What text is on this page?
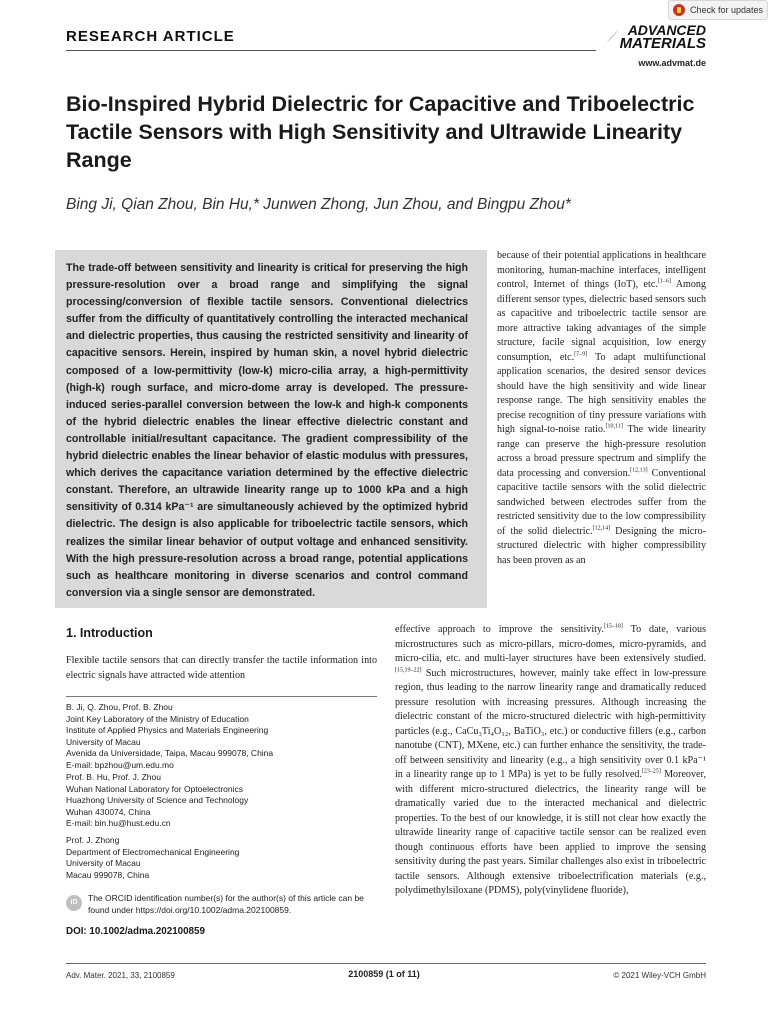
Check for updates
RESEARCH ARTICLE	ADVANCED
MATERIALS
www.advmat.de
Bio-Inspired Hybrid Dielectric for Capacitive and Triboelectric Tactile Sensors with High Sensitivity and Ultrawide Linearity Range
Bing Ji, Qian Zhou, Bin Hu,* Junwen Zhong, Jun Zhou, and Bingpu Zhou*
The trade-off between sensitivity and linearity is critical for preserving the high pressure-resolution over a broad range and simplifying the signal processing/conversion of flexible tactile sensors. Conventional dielectrics suffer from the difficulty of quantitatively controlling the interacted mechanical and dielectric properties, thus causing the restricted sensitivity and linearity of capacitive sensors. Herein, inspired by human skin, a novel hybrid dielectric composed of a low-permittivity (low-k) micro-cilia array, a high-permittivity (high-k) rough surface, and micro-dome array is developed. The pressure-induced series-parallel conversion between the low-k and high-k components of the hybrid dielectric enables the linear effective dielectric constant and controllable initial/resultant capacitance. The gradient compressibility of the hybrid dielectric enables the linear behavior of elastic modulus with pressures, which derives the capacitance variation determined by the effective dielectric constant. Therefore, an ultrawide linearity range up to 1000 kPa and a high sensitivity of 0.314 kPa⁻¹ are simultaneously achieved by the optimized hybrid dielectric. The design is also applicable for triboelectric tactile sensors, which realizes the similar linear behavior of output voltage and enhanced sensitivity. With the high pressure-resolution across a broad range, potential applications such as healthcare monitoring in diverse scenarios and control command conversion via a single sensor are demonstrated.
because of their potential applications in healthcare monitoring, human-machine interfaces, intelligent control, Internet of things (IoT), etc.[1–6] Among different sensor types, dielectric based sensors such as capacitive and triboelectric tactile sensor are more attractive taking advantages of the simple structure, facile signal acquisition, low energy consumption, etc.[7–9] To adapt multifunctional application scenarios, the desired sensor devices should have the high sensitivity and wide linear response range. The high sensitivity enables the precise recognition of tiny pressure variations with high signal-to-noise ratio.[10,11] The wide linearity range can preserve the high-pressure resolution across a broad pressure spectrum and simplify the data processing and conversion.[12,13] Conventional capacitive tactile sensors with the solid dielectric sandwiched between electrodes suffer from the restricted sensitivity due to the low compressibility of the solid dielectric.[12,14] Designing the micro-structured dielectric with higher compressibility has been proven as an
1. Introduction
Flexible tactile sensors that can directly transfer the tactile information into electric signals have attracted wide attention
B. Ji, Q. Zhou, Prof. B. Zhou
Joint Key Laboratory of the Ministry of Education
Institute of Applied Physics and Materials Engineering
University of Macau
Avenida da Universidade, Taipa, Macau 999078, China
E-mail: bpzhou@um.edu.mo
Prof. B. Hu, Prof. J. Zhou
Wuhan National Laboratory for Optoelectronics
Huazhong University of Science and Technology
Wuhan 430074, China
E-mail: bin.hu@hust.edu.cn
Prof. J. Zhong
Department of Electromechanical Engineering
University of Macau
Macau 999078, China
iD	The ORCID identification number(s) for the author(s) of this article can be found under https://doi.org/10.1002/adma.202100859.
DOI: 10.1002/adma.202100859
effective approach to improve the sensitivity.[15–18] To date, various microstructures such as micro-pillars, micro-domes, micro-pyramids, and micro-cilia, etc. and multi-layer structures have been extensively studied.[15,19–22] Such microstructures, however, mainly take effect in low-pressure region, thus leading to the narrow linearity range and dramatically reduced pressure resolution with increasing pressures. Although increasing the dielectric constant of the micro-structured dielectric with high-permittivity particles (e.g., CaCu₃Ti₄O₁₂, BaTiO₃, etc.) or conductive fillers (e.g., carbon nanotube (CNT), MXene, etc.) can further enhance the sensitivity, the trade-off between sensitivity and linearity (e.g., a high sensitivity over 0.1 kPa⁻¹ in a linearity range up to 1 MPa) is yet to be fully resolved.[23–25] Moreover, with different micro-structured dielectrics, the linearity range will be dramatically varied due to the interacted mechanical and dielectric properties. To the best of our knowledge, it is still not clear how exactly the ultrawide linearity range of capacitive tactile sensor can be realized even though continuous efforts have been applied to improve the sensing sensitivity during the past years. Similar challenges also exist in triboelectric tactile sensors. Although extensive triboelectrification materials (e.g., polydimethylsiloxane (PDMS), poly(vinylidene fluoride),
Adv. Mater. 2021, 33, 2100859	2100859 (1 of 11)	© 2021 Wiley-VCH GmbH
